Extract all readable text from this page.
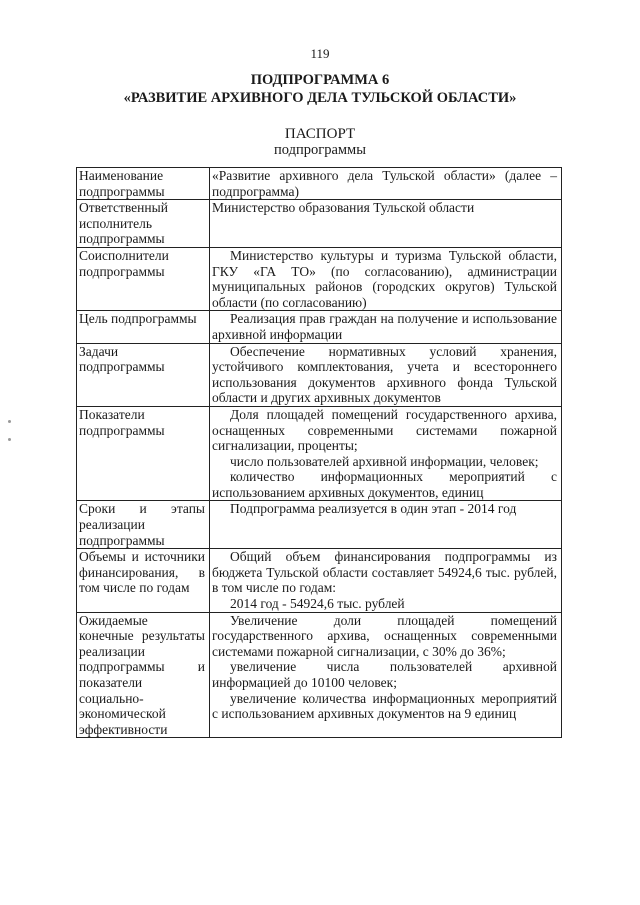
119
ПОДПРОГРАММА 6
«РАЗВИТИЕ АРХИВНОГО ДЕЛА ТУЛЬСКОЙ ОБЛАСТИ»
ПАСПОРТ
подпрограммы
Наименование подпрограммы	«Развитие архивного дела Тульской области» (далее – подпрограмма)

Ответственный исполнитель подпрограммы	Министерство образования Тульской области

Соисполнители подпрограммы	Министерство культуры и туризма Тульской области, ГКУ «ГА ТО» (по согласованию), администрации муниципальных районов (городских округов) Тульской области (по согласованию)

Цель подпрограммы	Реализация прав граждан на получение и использование архивной информации

Задачи подпрограммы	Обеспечение нормативных условий хранения, устойчивого комплектования, учета и всестороннего использования документов архивного фонда Тульской области и других архивных документов

Показатели подпрограммы	Доля площадей помещений государственного архива, оснащенных современными системами пожарной сигнализации, проценты;
число пользователей архивной информации, человек;
количество информационных мероприятий с использованием архивных документов, единиц

Сроки и этапы реализации подпрограммы	Подпрограмма реализуется в один этап - 2014 год

Объемы и источники финансирования, в том числе по годам	Общий объем финансирования подпрограммы из бюджета Тульской области составляет 54924,6 тыс. рублей, в том числе по годам:
2014 год - 54924,6 тыс. рублей

Ожидаемые конечные результаты реализации подпрограммы и показатели социально-экономической эффективности	Увеличение доли площадей помещений государственного архива, оснащенных современными системами пожарной сигнализации, с 30% до 36%;
увеличение числа пользователей архивной информацией до 10100 человек;
увеличение количества информационных мероприятий с использованием архивных документов на 9 единиц
